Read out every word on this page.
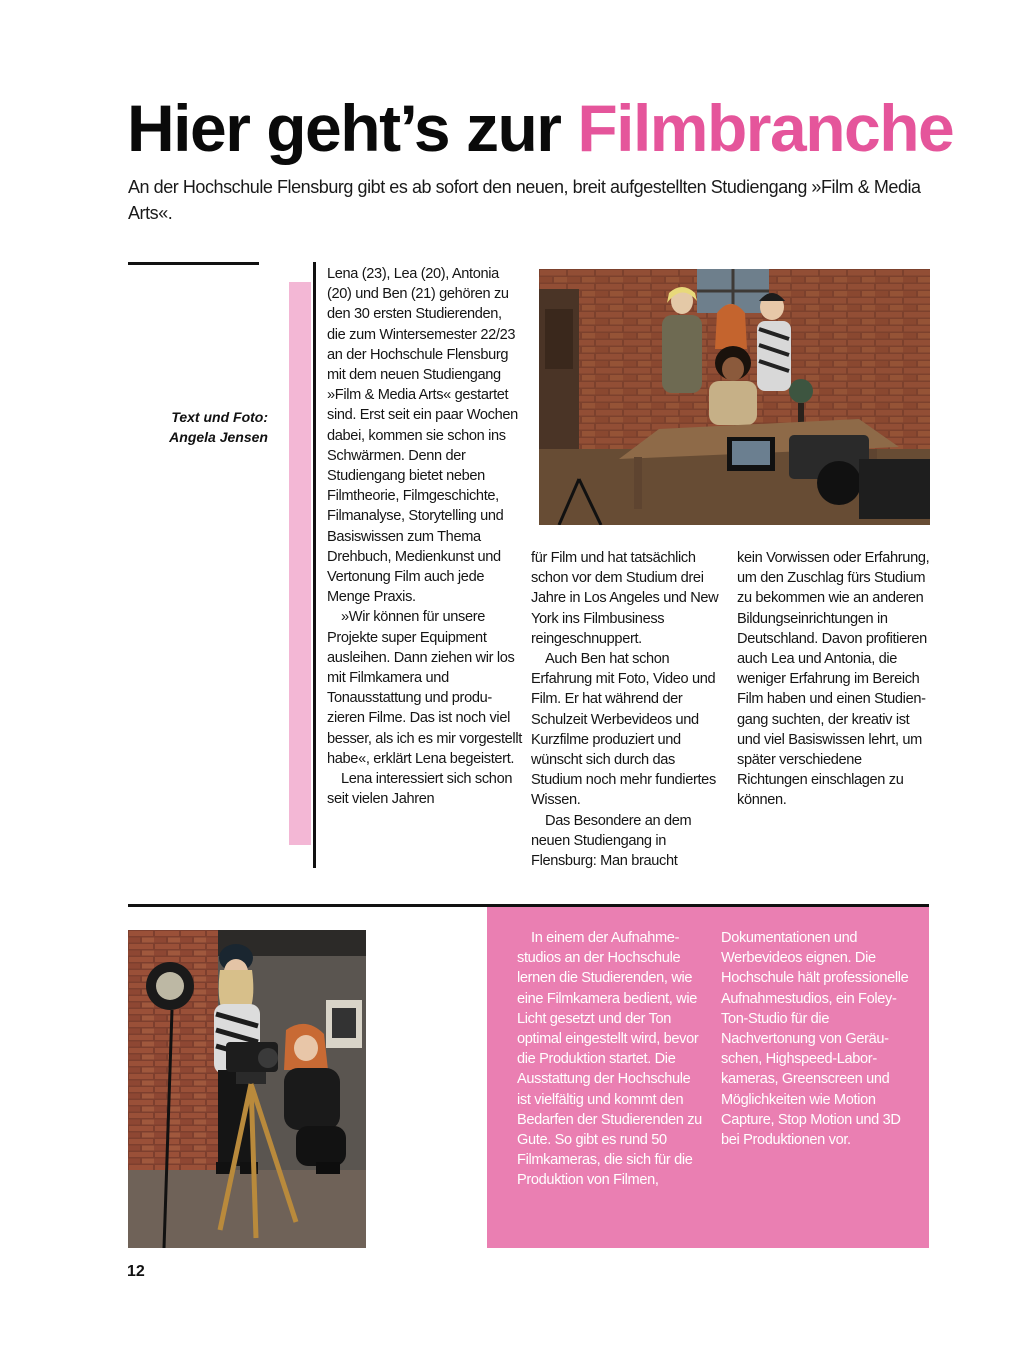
Hier geht’s zur Filmbranche
An der Hochschule Flensburg gibt es ab sofort den neuen, breit aufgestellten Studiengang »Film & Media Arts«.
Text und Foto:
Angela Jensen

Lena (23), Lea (20), Antonia (20) und Ben (21) gehören zu den 30 ersten Studierenden, die zum Wintersemester 22/23 an der Hochschule Flensburg mit dem neuen Studiengang »Film & Media Arts« gestartet sind. Erst seit ein paar Wochen dabei, kommen sie schon ins Schwärmen. Denn der Studiengang bietet neben Filmtheorie, Filmgeschichte, Filmanalyse, Storytelling und Basiswissen zum Thema Drehbuch, Medienkunst und Vertonung Film auch jede Menge Praxis.

»Wir können für unsere Projekte super Equipment ausleihen. Dann ziehen wir los mit Filmkamera und Tonausstattung und produzieren Filme. Das ist noch viel besser, als ich es mir vorgestellt habe«, erklärt Lena begeistert.

Lena interessiert sich schon seit vielen Jahren

für Film und hat tatsächlich schon vor dem Studium drei Jahre in Los Angeles und New York ins Filmbusiness reingeschnuppert.

Auch Ben hat schon Erfahrung mit Foto, Video und Film. Er hat während der Schulzeit Werbevideos und Kurzfilme produziert und wünscht sich durch das Studium noch mehr fundiertes Wissen.

Das Besondere an dem neuen Studiengang in Flensburg: Man braucht

kein Vorwissen oder Erfahrung, um den Zuschlag fürs Studium zu bekommen wie an anderen Bildungseinrichtungen in Deutschland. Davon profitieren auch Lea und Antonia, die weniger Erfahrung im Bereich Film haben und einen Studiengang suchten, der kreativ ist und viel Basiswissen lehrt, um später verschiedene Richtungen einschlagen zu können.

In einem der Aufnahmestudios an der Hochschule lernen die Studierenden, wie eine Filmkamera bedient, wie Licht gesetzt und der Ton optimal eingestellt wird, bevor die Produktion startet. Die Ausstattung der Hochschule ist vielfältig und kommt den Bedarfen der Studierenden zu Gute. So gibt es rund 50 Filmkameras, die sich für die Produktion von Filmen,

Dokumentationen und Werbevideos eignen. Die Hochschule hält professionelle Aufnahmestudios, ein Foley-Ton-Studio für die Nachvertonung von Geräuschen, Highspeed-Laborkameras, Greenscreen und Möglichkeiten wie Motion Capture, Stop Motion und 3D bei Produktionen vor.

12
